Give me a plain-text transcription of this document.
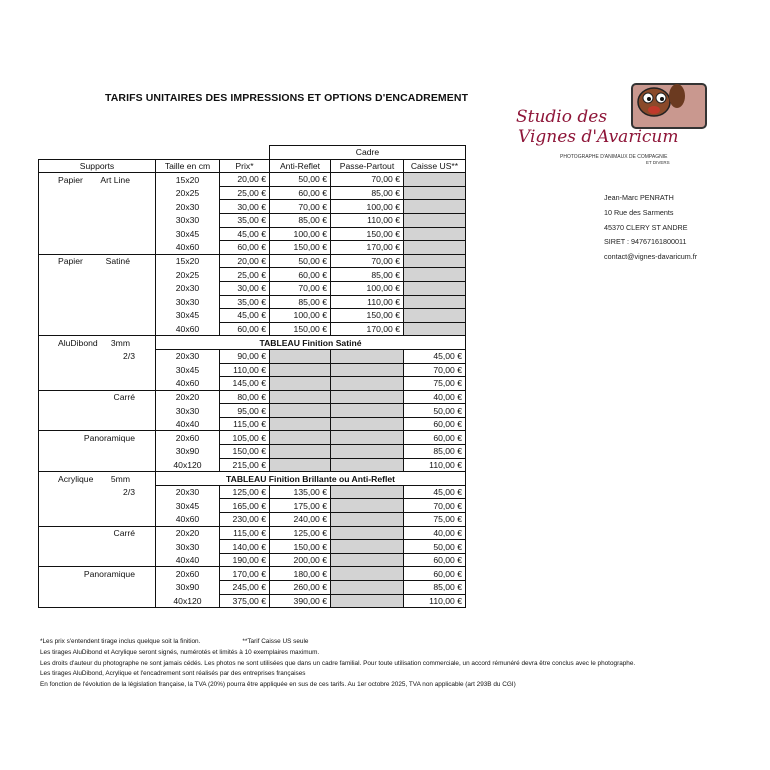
TARIFS UNITAIRES DES IMPRESSIONS ET OPTIONS D'ENCADREMENT
			Cadre		
Supports	Taille en cm	Prix*	Anti-Reflet	Passe-Partout	Caisse US**

Papier Art Line	15x20	20,00 €	50,00 €	70,00 €	
	20x25	25,00 €	60,00 €	85,00 €	
	20x30	30,00 €	70,00 €	100,00 €	
	30x30	35,00 €	85,00 €	110,00 €	
	30x45	45,00 €	100,00 €	150,00 €	
	40x60	60,00 €	150,00 €	170,00 €	

Papier Satiné	15x20	20,00 €	50,00 €	70,00 €	
	20x25	25,00 €	60,00 €	85,00 €	
	20x30	30,00 €	70,00 €	100,00 €	
	30x30	35,00 €	85,00 €	110,00 €	
	30x45	45,00 €	100,00 €	150,00 €	
	40x60	60,00 €	150,00 €	170,00 €	

AluDibond 3mm	TABLEAU Finition Satiné				
2/3	20x30	90,00 €			45,00 €
	30x45	110,00 €			70,00 €
	40x60	145,00 €			75,00 €
Carré	20x20	80,00 €			40,00 €
	30x30	95,00 €			50,00 €
	40x40	115,00 €			60,00 €
Panoramique	20x60	105,00 €			60,00 €
	30x90	150,00 €			85,00 €
	40x120	215,00 €			110,00 €

Acrylique 5mm	TABLEAU Finition Brillante ou Anti-Reflet				
2/3	20x30	125,00 €	135,00 €		45,00 €
	30x45	165,00 €	175,00 €		70,00 €
	40x60	230,00 €	240,00 €		75,00 €
Carré	20x20	115,00 €	125,00 €		40,00 €
	30x30	140,00 €	150,00 €		50,00 €
	40x40	190,00 €	200,00 €		60,00 €
Panoramique	20x60	170,00 €	180,00 €		60,00 €
	30x90	245,00 €	260,00 €		85,00 €
	40x120	375,00 €	390,00 €		110,00 €
Studio des
Vignes d'Avaricum
PHOTOGRAPHE D'ANIMAUX DE COMPAGNIE
ET DIVERS
Jean-Marc PENRATH
10 Rue des Sarments
45370 CLERY ST ANDRE
SIRET : 94767161800011
contact@vignes-davaricum.fr
*Les prix s'entendent tirage inclus quelque soit la finition.	**Tarif Caisse US seule
Les tirages AluDibond et Acrylique seront signés, numérotés et limités à 10 exemplaires maximum.
Les droits d'auteur du photographe ne sont jamais cédés. Les photos ne sont utilisées que dans un cadre familial. Pour toute utilisation commerciale, un accord rémunéré devra être conclus avec le photographe.
Les tirages AluDibond, Acrylique et l'encadrement sont réalisés par des entreprises françaises
En fonction de l'évolution de la législation française, la TVA (20%) pourra être appliquée en sus de ces tarifs. Au 1er octobre 2025, TVA non applicable (art 293B du CGI)
